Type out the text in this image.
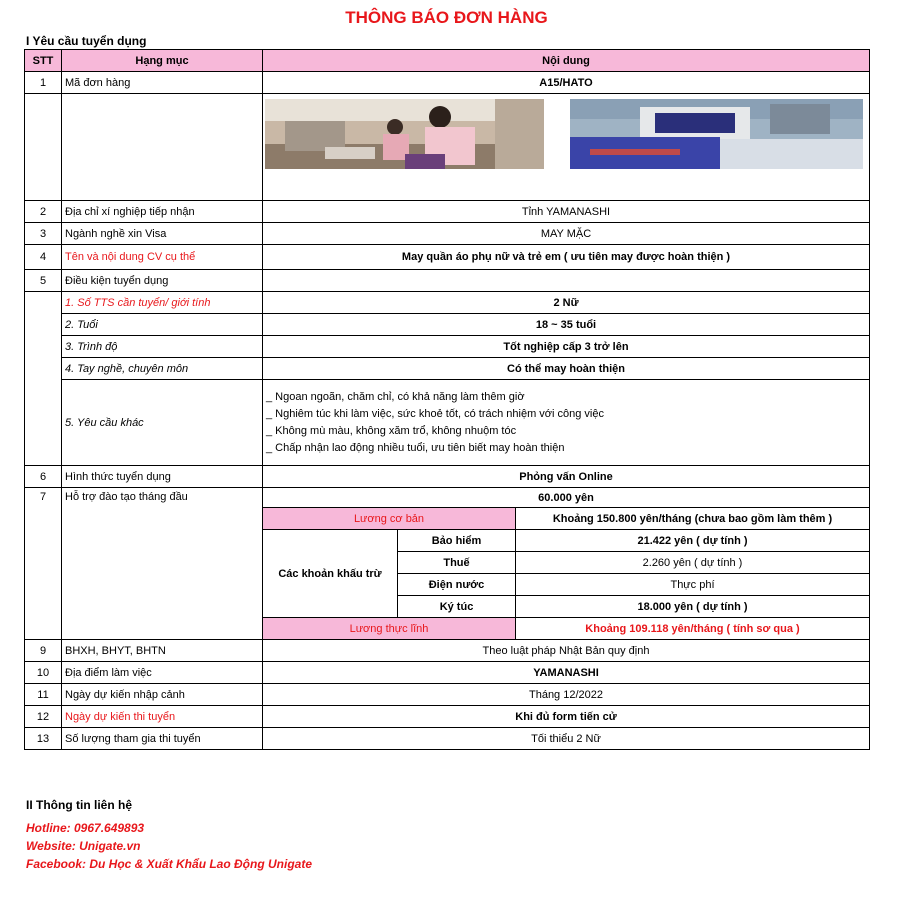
THÔNG BÁO ĐƠN HÀNG
I Yêu cầu tuyển dụng
STT	Hạng mục	Nội dung		
1	Mã đơn hàng	A15/HATO		

2	Địa chỉ xí nghiệp tiếp nhận	Tỉnh YAMANASHI		
3	Ngành nghề xin Visa	MAY MẶC		
4	Tên và nội dung CV cụ thể	May quần áo phụ nữ và trẻ em ( ưu tiên may được hoàn thiện )		
5	Điều kiện tuyển dụng			
	1. Số TTS cần tuyển/ giới tính	2 Nữ		
	2. Tuổi	18 ~ 35 tuổi		
	3. Trình độ	Tốt nghiệp cấp 3 trở lên		
	4. Tay nghề, chuyên môn	Có thể may hoàn thiện		
	5. Yêu cầu khác	_ Ngoan ngoãn, chăm chỉ, có khả năng làm thêm giờ
_ Nghiêm túc khi làm việc, sức khoẻ tốt, có trách nhiệm với công việc
_ Không mù màu, không xăm trổ, không nhuộm tóc
_ Chấp nhận lao động nhiều tuổi, ưu tiên biết may hoàn thiện		

6	Hình thức tuyển dụng	Phỏng vấn Online		
7	Hỗ trợ đào tạo tháng đầu	60.000 yên		
		Lương cơ bản		Khoảng 150.800 yên/tháng (chưa bao gồm làm thêm )
		Các khoản khấu trừ	Bảo hiểm	21.422 yên ( dự tính )
			Thuế	2.260 yên ( dự tính )
			Điện nước	Thực phí
			Ký túc	18.000 yên ( dự tính )
		Lương thực lĩnh		Khoảng 109.118 yên/tháng ( tính sơ qua )
9	BHXH, BHYT, BHTN	Theo luật pháp Nhật Bản quy định		
10	Địa điểm làm việc	YAMANASHI		
11	Ngày dự kiến nhập cảnh	Tháng 12/2022		
12	Ngày dự kiến thi tuyển	Khi đủ form tiến cử		
13	Số lượng tham gia thi tuyển	Tối thiểu 2 Nữ		
II Thông tin liên hệ
Hotline: 0967.649893
Website: Unigate.vn
Facebook: Du Học & Xuất Khẩu Lao Động Unigate
